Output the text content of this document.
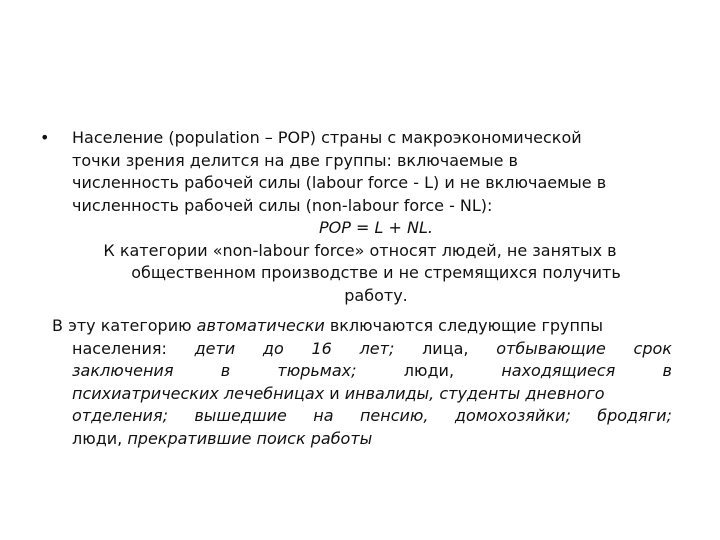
• Население (population – POP) страны с макроэкономической
точки зрения делится на две группы: включаемые в
численность рабочей силы (labour force - L) и не включаемые в
численность рабочей силы (non-labour force - NL):
POP = L + NL.
К категории «non-labour force» относят людей, не занятых в
общественном производстве и не стремящихся получить
работу.
В эту категорию автоматически включаются следующие группы
населения: дети до 16 лет; лица, отбывающие срок
заключения	в	тюрьмах;	люди,	находящиеся	в
психиатрических лечебницах и инвалиды, студенты дневного
отделения; вышедшие на пенсию, домохозяйки; бродяги;
люди, прекратившие поиск работы
